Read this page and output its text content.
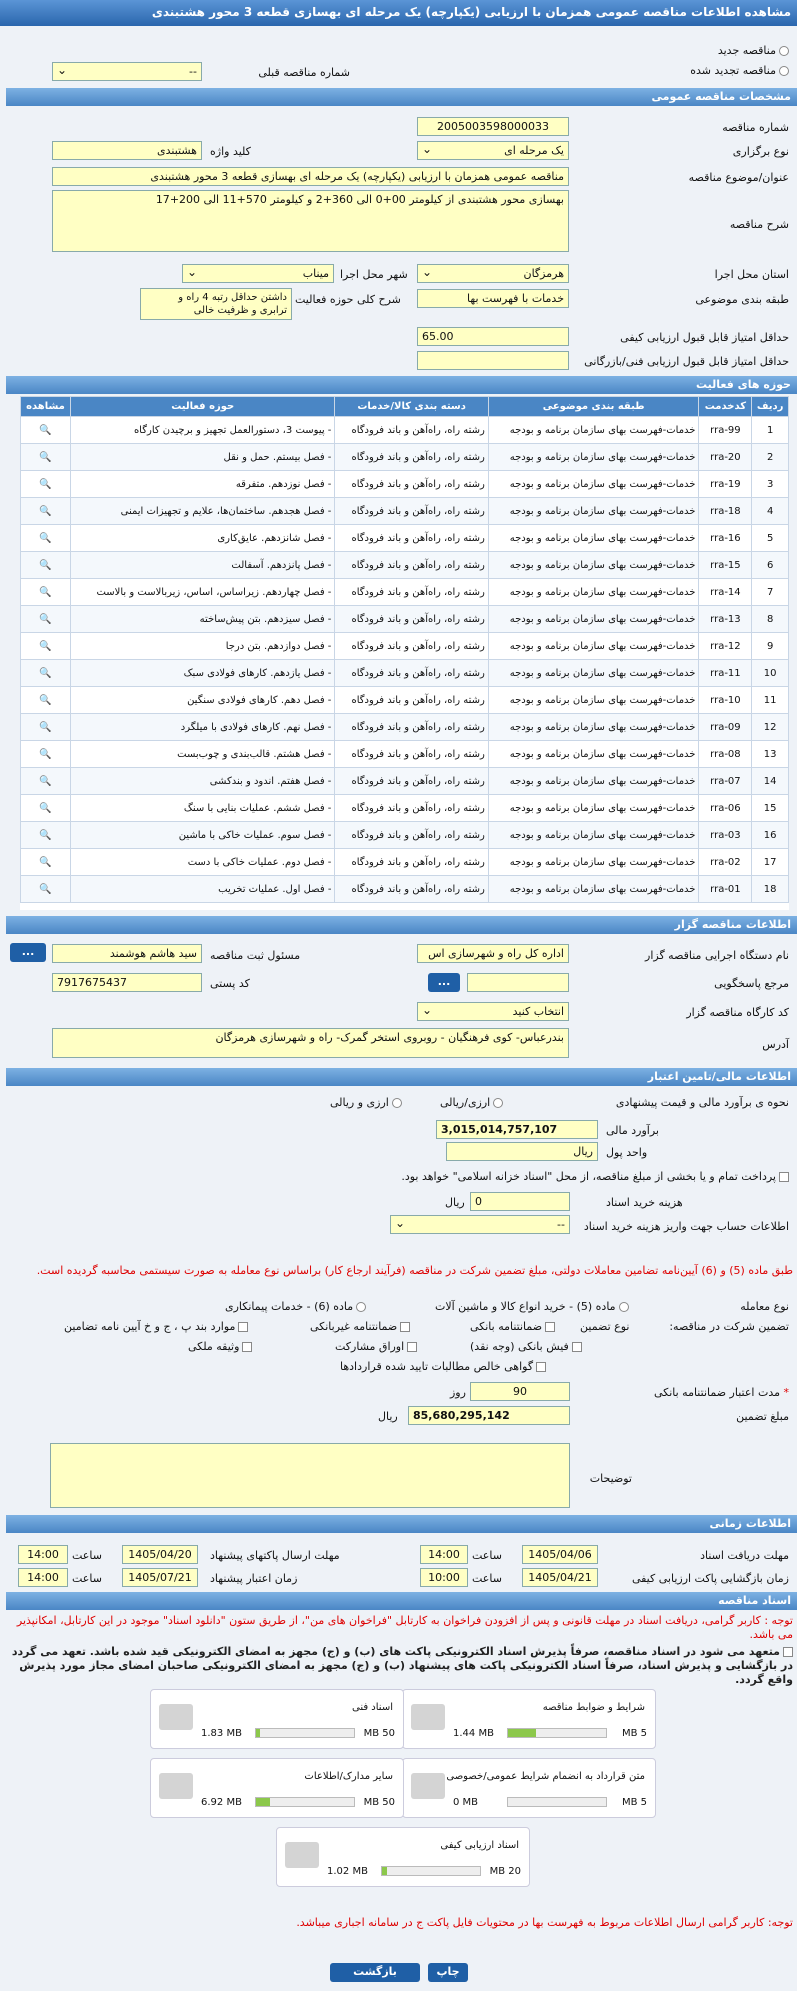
مشاهده اطلاعات مناقصه عمومی همزمان با ارزیابی (یکپارچه) یک مرحله ای بهسازی قطعه 3 محور هشتبندی
مناقصه جدید
مناقصه تجدید شده
شماره مناقصه قبلی
-- ⌄
مشخصات مناقصه عمومی
شماره مناقصه
2005003598000033
نوع برگزاری
یک مرحله ای ⌄
کلید واژه
هشتبندی
عنوان/موضوع مناقصه
مناقصه عمومی همزمان با ارزیابی (یکپارچه) یک مرحله ای بهسازی قطعه 3 محور هشتبندی
شرح مناقصه
بهسازی محور هشتبندی از کیلومتر 00+0 الی 360+2 و کیلومتر 570+11 الی 200+17
استان محل اجرا
هرمزگان ⌄
شهر محل اجرا
میناب ⌄
طبقه بندی موضوعی
خدمات با فهرست بها
شرح کلی حوزه فعالیت
داشتن حداقل رتبه 4 راه و ترابری و ظرفیت خالی
حداقل امتیاز قابل قبول ارزیابی کیفی
65.00
حداقل امتیاز قابل قبول ارزیابی فنی/بازرگانی
حوزه های فعالیت
ردیف	کدخدمت	طبقه بندی موضوعی	دسته بندی کالا/خدمات	حوزه فعالیت	مشاهده
1	rra-99	خدمات-فهرست بهای سازمان برنامه و بودجه	رشته راه، راه‌آهن و باند فرودگاه	- پیوست 3، دستورالعمل تجهیز و برچیدن کارگاه	🔍
2	rra-20	خدمات-فهرست بهای سازمان برنامه و بودجه	رشته راه، راه‌آهن و باند فرودگاه	- فصل بیستم. حمل و نقل	🔍
3	rra-19	خدمات-فهرست بهای سازمان برنامه و بودجه	رشته راه، راه‌آهن و باند فرودگاه	- فصل نوزدهم. متفرقه	🔍
4	rra-18	خدمات-فهرست بهای سازمان برنامه و بودجه	رشته راه، راه‌آهن و باند فرودگاه	- فصل هجدهم. ساختمان‌ها، علایم و تجهیزات ایمنی	🔍
5	rra-16	خدمات-فهرست بهای سازمان برنامه و بودجه	رشته راه، راه‌آهن و باند فرودگاه	- فصل شانزدهم. عایق‌کاری	🔍
6	rra-15	خدمات-فهرست بهای سازمان برنامه و بودجه	رشته راه، راه‌آهن و باند فرودگاه	- فصل پانزدهم. آسفالت	🔍
7	rra-14	خدمات-فهرست بهای سازمان برنامه و بودجه	رشته راه، راه‌آهن و باند فرودگاه	- فصل چهاردهم. زیراساس، اساس، زیربالاست و بالاست	🔍
8	rra-13	خدمات-فهرست بهای سازمان برنامه و بودجه	رشته راه، راه‌آهن و باند فرودگاه	- فصل سیزدهم. بتن پیش‌ساخته	🔍
9	rra-12	خدمات-فهرست بهای سازمان برنامه و بودجه	رشته راه، راه‌آهن و باند فرودگاه	- فصل دوازدهم. بتن درجا	🔍
10	rra-11	خدمات-فهرست بهای سازمان برنامه و بودجه	رشته راه، راه‌آهن و باند فرودگاه	- فصل یازدهم. کارهای فولادی سبک	🔍
11	rra-10	خدمات-فهرست بهای سازمان برنامه و بودجه	رشته راه، راه‌آهن و باند فرودگاه	- فصل دهم. کارهای فولادی سنگین	🔍
12	rra-09	خدمات-فهرست بهای سازمان برنامه و بودجه	رشته راه، راه‌آهن و باند فرودگاه	- فصل نهم. کارهای فولادی با میلگرد	🔍
13	rra-08	خدمات-فهرست بهای سازمان برنامه و بودجه	رشته راه، راه‌آهن و باند فرودگاه	- فصل هشتم. قالب‌بندی و چوب‌بست	🔍
14	rra-07	خدمات-فهرست بهای سازمان برنامه و بودجه	رشته راه، راه‌آهن و باند فرودگاه	- فصل هفتم. اندود و بندکشی	🔍
15	rra-06	خدمات-فهرست بهای سازمان برنامه و بودجه	رشته راه، راه‌آهن و باند فرودگاه	- فصل ششم. عملیات بنایی با سنگ	🔍
16	rra-03	خدمات-فهرست بهای سازمان برنامه و بودجه	رشته راه، راه‌آهن و باند فرودگاه	- فصل سوم. عملیات خاکی با ماشین	🔍
17	rra-02	خدمات-فهرست بهای سازمان برنامه و بودجه	رشته راه، راه‌آهن و باند فرودگاه	- فصل دوم. عملیات خاکی با دست	🔍
18	rra-01	خدمات-فهرست بهای سازمان برنامه و بودجه	رشته راه، راه‌آهن و باند فرودگاه	- فصل اول. عملیات تخریب	🔍
اطلاعات مناقصه گزار
نام دستگاه اجرایی مناقصه گزار
اداره کل راه و شهرسازی اس
مسئول ثبت مناقصه
سید هاشم هوشمند
...
مرجع پاسخگویی
...
کد پستی
7917675437
کد کارگاه مناقصه گزار
انتخاب کنید ⌄
آدرس
بندرعباس- کوی فرهنگیان - روبروی استخر گمرک- راه و شهرسازی هرمزگان
اطلاعات مالی/تامین اعتبار
نحوه ی برآورد مالی و قیمت پیشنهادی
ارزی/ریالی
ارزی و ریالی
برآورد مالی
3,015,014,757,107
واحد پول
ریال
پرداخت تمام و یا بخشی از مبلغ مناقصه، از محل "اسناد خزانه اسلامی" خواهد بود.
هزینه خرید اسناد
0
ریال
اطلاعات حساب جهت واریز هزینه خرید اسناد
-- ⌄
طبق ماده (5) و (6) آیین‌نامه تضامین معاملات دولتی، مبلغ تضمین شرکت در مناقصه (فرآیند ارجاع کار) براساس نوع معامله به صورت سیستمی محاسبه گردیده است.
نوع معامله
ماده (5) - خرید انواع کالا و ماشین آلات
ماده (6) - خدمات پیمانکاری
تضمین شرکت در مناقصه:
نوع تضمین
ضمانتنامه بانکی
ضمانتنامه غیربانکی
موارد بند پ ، ج و خ آیین نامه تضامین
فیش بانکی (وجه نقد)
اوراق مشارکت
وثیقه ملکی
گواهی خالص مطالبات تایید شده قراردادها
* مدت اعتبار ضمانتنامه بانکی
90
روز
مبلغ تضمین
85,680,295,142
ریال
توضیحات
اطلاعات زمانی
مهلت دریافت اسناد
1405/04/06
ساعت
14:00
مهلت ارسال پاکتهای پیشنهاد
1405/04/20
ساعت
14:00
زمان بازگشایی پاکت ارزیابی کیفی
1405/04/21
ساعت
10:00
زمان اعتبار پیشنهاد
1405/07/21
ساعت
14:00
اسناد مناقصه
توجه : کاربر گرامی، دریافت اسناد در مهلت قانونی و پس از افزودن فراخوان به کارتابل "فراخوان های من"، از طریق ستون "دانلود اسناد" موجود در این کارتابل، امکانپذیر می باشد.
متعهد می شود در اسناد مناقصه، صرفاً پذیرش اسناد الکترونیکی پاکت های (ب) و (ج) مجهز به امضای الکترونیکی قید شده باشد. تعهد می گردد در بازگشایی و پذیرش اسناد، صرفاً اسناد الکترونیکی پاکت های پیشنهاد (ب) و (ج) مجهز به امضای الکترونیکی صاحبان امضای مجاز مورد پذیرش واقع گردد.
شرایط و ضوابط مناقصه
5 MB
1.44 MB
اسناد فنی
50 MB
1.83 MB
متن قرارداد به انضمام شرایط عمومی/خصوصی
5 MB
0 MB
سایر مدارک/اطلاعات
50 MB
6.92 MB
اسناد ارزیابی کیفی
20 MB
1.02 MB
توجه: کاربر گرامی ارسال اطلاعات مربوط به فهرست بها در محتویات فایل پاکت ج در سامانه اجباری میباشد.
چاپ
بازگشت
